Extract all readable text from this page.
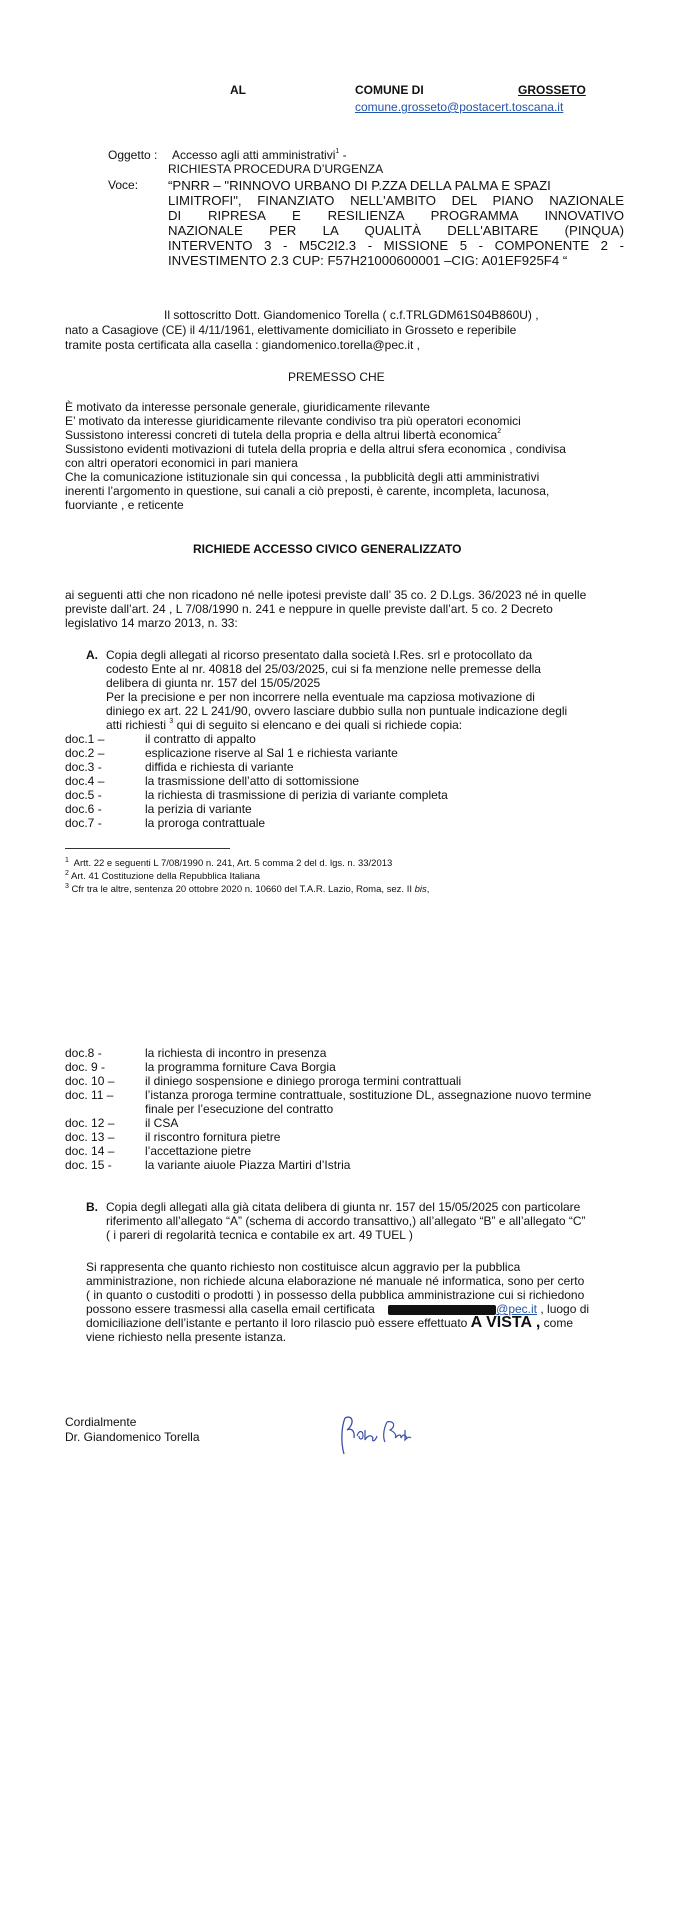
AL	COMUNE DI	GROSSETO
comune.grosseto@postacert.toscana.it
Oggetto : Accesso agli atti amministrativi$^1$ -
RICHIESTA PROCEDURA D’URGENZA
Voce: “PNRR – "RINNOVO URBANO DI P.ZZA DELLA PALMA E SPAZI

LIMITROFI", FINANZIATO NELL'AMBITO DEL PIANO NAZIONALE

DI RIPRESA E RESILIENZA PROGRAMMA INNOVATIVO

NAZIONALE PER LA QUALITÀ DELL'ABITARE (PINQUA)

INTERVENTO 3 - M5C2I2.3 - MISSIONE 5 - COMPONENTE 2 -

INVESTIMENTO 2.3 CUP: F57H21000600001 –CIG: A01EF925F4 “

Il sottoscritto Dott. Giandomenico Torella ( c.f.TRLGDM61S04B860U) ,
nato a Casagiove (CE) il 4/11/1961, elettivamente domiciliato in Grosseto e reperibile
tramite posta certificata alla casella : giandomenico.torella@pec.it ,
PREMESSO CHE

È motivato da interesse personale generale, giuridicamente rilevante

E’ motivato da interesse giuridicamente rilevante condiviso tra più operatori economici

Sussistono interessi concreti di tutela della propria e della altrui libertà economica$^2$

Sussistono evidenti motivazioni di tutela della propria e della altrui sfera economica , condivisa

con altri operatori economici in pari maniera

Che la comunicazione istituzionale sin qui concessa , la pubblicità degli atti amministrativi

inerenti l’argomento in questione, sui canali a ciò preposti, è carente, incompleta, lacunosa,

fuorviante , e reticente

RICHIEDE ACCESSO CIVICO GENERALIZZATO

ai seguenti atti che non ricadono né nelle ipotesi previste dall’ 35 co. 2 D.Lgs. 36/2023 né in quelle

previste dall’art. 24 , L 7/08/1990 n. 241 e neppure in quelle previste dall’art. 5 co. 2 Decreto

legislativo 14 marzo 2013, n. 33:

A. Copia degli allegati al ricorso presentato dalla società I.Res. srl e protocollato da

codesto Ente al nr. 40818 del 25/03/2025, cui si fa menzione nelle premesse della

delibera di giunta nr. 157 del 15/05/2025

Per la precisione e per non incorrere nella eventuale ma capziosa motivazione di

diniego ex art. 22 L 241/90, ovvero lasciare dubbio sulla non puntuale indicazione degli

atti richiesti $^3$ qui di seguito si elencano e dei quali si richiede copia:

doc.1 –	il contratto di appalto
doc.2 –	esplicazione riserve al Sal 1 e richiesta variante
doc.3 -	diffida e richiesta di variante
doc.4 –	la trasmissione dell’atto di sottomissione
doc.5 -	la richiesta di trasmissione di perizia di variante completa
doc.6 -	la perizia di variante
doc.7 -	la proroga contrattuale
$^1$ Artt. 22 e seguenti L 7/08/1990 n. 241, Art. 5 comma 2 del d. lgs. n. 33/2013
$^2$ Art. 41 Costituzione della Repubblica Italiana
$^3$ Cfr tra le altre, sentenza 20 ottobre 2020 n. 10660 del T.A.R. Lazio, Roma, sez. II bis,
doc.8 -	la richiesta di incontro in presenza
doc. 9 -	la programma forniture Cava Borgia
doc. 10 –	il diniego sospensione e diniego proroga termini contrattuali
doc. 11 –	l’istanza proroga termine contrattuale, sostituzione DL, assegnazione nuovo termine
finale per l’esecuzione del contratto
doc. 12 –	il CSA
doc. 13 –	il riscontro fornitura pietre
doc. 14 –	l’accettazione pietre
doc. 15 -	la variante aiuole Piazza Martiri d’Istria
B. Copia degli allegati alla già citata delibera di giunta nr. 157 del 15/05/2025 con particolare

riferimento all’allegato “A” (schema di accordo transattivo,) all’allegato “B” e all’allegato “C”

( i pareri di regolarità tecnica e contabile ex art. 49 TUEL )

Si rappresenta che quanto richiesto non costituisce alcun aggravio per la pubblica

amministrazione, non richiede alcuna elaborazione né manuale né informatica, sono per certo

( in quanto o custoditi o prodotti ) in possesso della pubblica amministrazione cui si richiedono

possono essere trasmessi alla casella email certificata	@pec.it , luogo di

domiciliazione dell’istante e pertanto il loro rilascio può essere effettuato A VISTA , come

viene richiesto nella presente istanza.

Cordialmente
Dr. Giandomenico Torella
